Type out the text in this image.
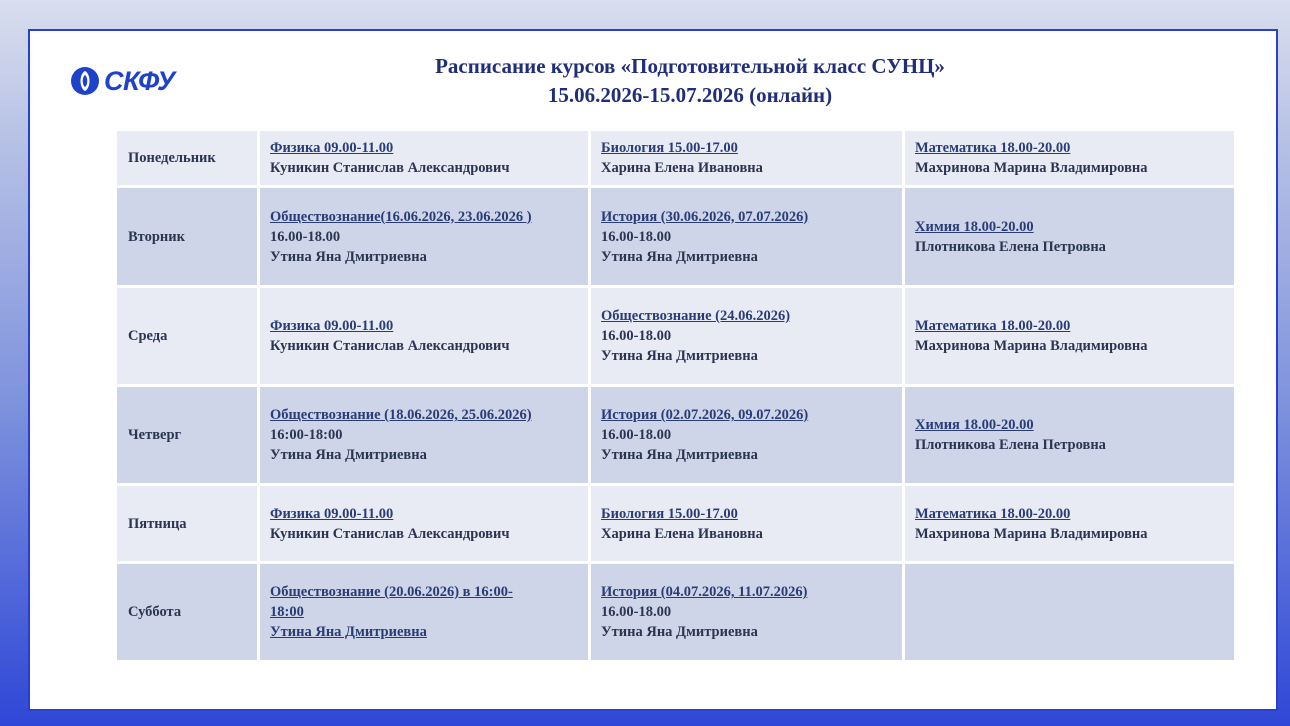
СКФУ	Расписание курсов «Подготовительной класс СУНЦ»
15.06.2026-15.07.2026 (онлайн)
Понедельник
Физика 09.00-11.00
Куникин Станислав Александрович
Биология 15.00-17.00
Харина Елена Ивановна
Математика 18.00-20.00
Махринова Марина Владимировна
Вторник
Обществознание(16.06.2026, 23.06.2026 )
16.00-18.00
Утина Яна Дмитриевна
История (30.06.2026, 07.07.2026)
16.00-18.00
Утина Яна Дмитриевна
Химия 18.00-20.00
Плотникова Елена Петровна
Среда
Физика 09.00-11.00
Куникин Станислав Александрович
Обществознание (24.06.2026)
16.00-18.00
Утина Яна Дмитриевна
Математика 18.00-20.00
Махринова Марина Владимировна
Четверг
Обществознание (18.06.2026, 25.06.2026)
16:00-18:00
Утина Яна Дмитриевна
История (02.07.2026, 09.07.2026)
16.00-18.00
Утина Яна Дмитриевна
Химия 18.00-20.00
Плотникова Елена Петровна
Пятница
Физика 09.00-11.00
Куникин Станислав Александрович
Биология 15.00-17.00
Харина Елена Ивановна
Математика 18.00-20.00
Махринова Марина Владимировна
Суббота
Обществознание (20.06.2026) в 16:00-
18:00
Утина Яна Дмитриевна
История (04.07.2026, 11.07.2026)
16.00-18.00
Утина Яна Дмитриевна
